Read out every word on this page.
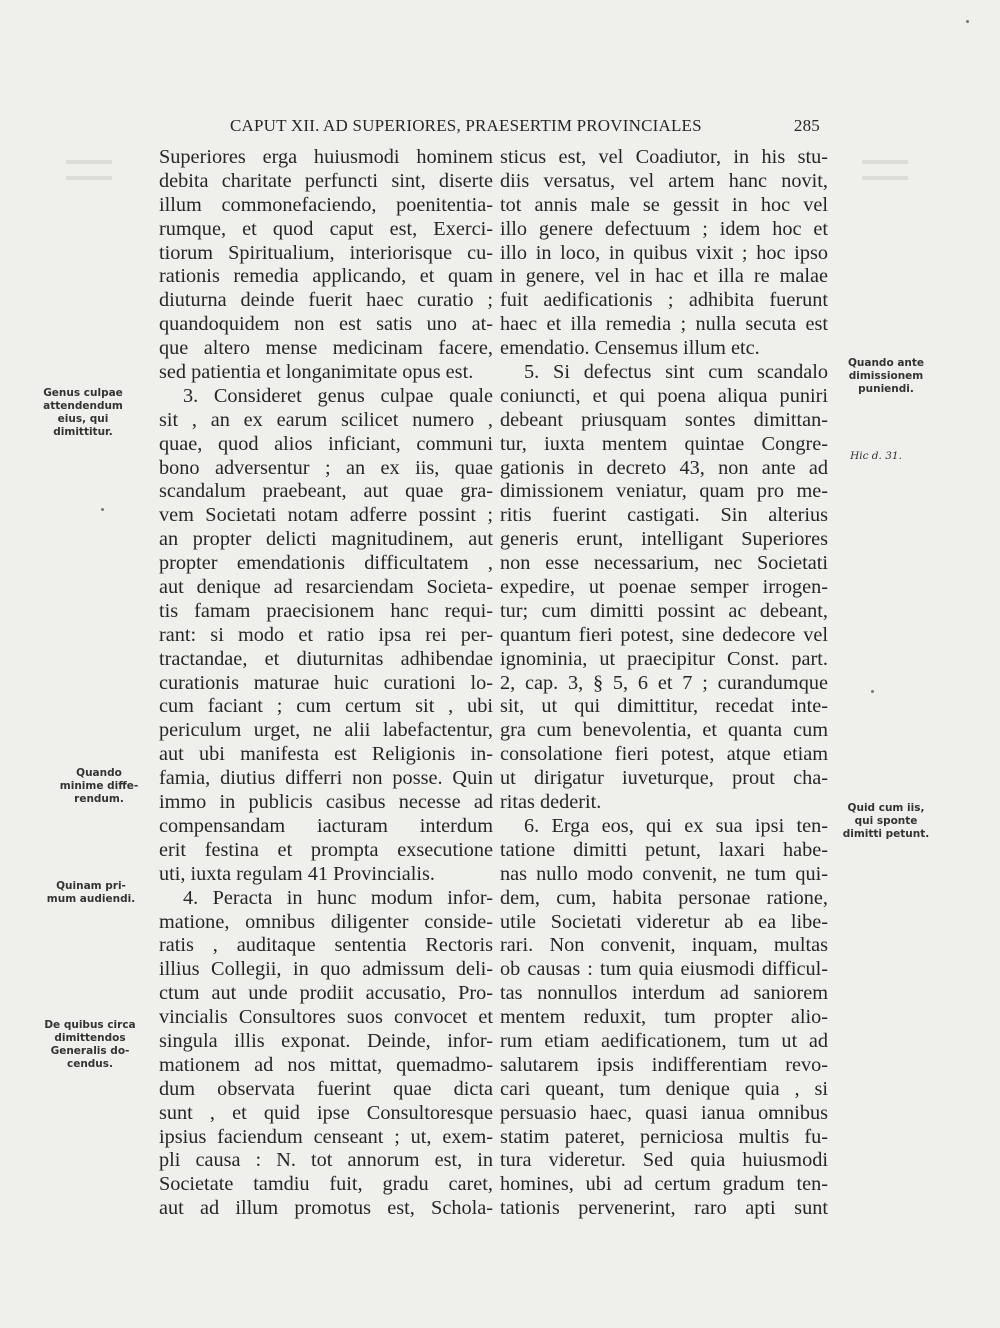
CAPUT XII. AD SUPERIORES, PRAESERTIM PROVINCIALES	285
Superiores erga huiusmodi hominem
debita charitate perfuncti sint, diserte
illum commonefaciendo, poenitentia-
rumque, et quod caput est, Exerci-
tiorum Spiritualium, interiorisque cu-
rationis remedia applicando, et quam
diuturna deinde fuerit haec curatio ;
quandoquidem non est satis uno at-
que altero mense medicinam facere,
sed patientia et longanimitate opus est.
3. Consideret genus culpae quale
sit , an ex earum scilicet numero ,
quae, quod alios inficiant, communi
bono adversentur ; an ex iis, quae
scandalum praebeant, aut quae gra-
vem Societati notam adferre possint ;
an propter delicti magnitudinem, aut
propter emendationis difficultatem ,
aut denique ad resarciendam Societa-
tis famam praecisionem hanc requi-
rant: si modo et ratio ipsa rei per-
tractandae, et diuturnitas adhibendae
curationis maturae huic curationi lo-
cum faciant ; cum certum sit , ubi
periculum urget, ne alii labefactentur,
aut ubi manifesta est Religionis in-
famia, diutius differri non posse. Quin
immo in publicis casibus necesse ad
compensandam iacturam interdum
erit festina et prompta exsecutione
uti, iuxta regulam 41 Provincialis.
4. Peracta in hunc modum infor-
matione, omnibus diligenter conside-
ratis , auditaque sententia Rectoris
illius Collegii, in quo admissum deli-
ctum aut unde prodiit accusatio, Pro-
vincialis Consultores suos convocet et
singula illis exponat. Deinde, infor-
mationem ad nos mittat, quemadmo-
dum observata fuerint quae dicta
sunt , et quid ipse Consultoresque
ipsius faciendum censeant ; ut, exem-
pli causa : N. tot annorum est, in
Societate tamdiu fuit, gradu caret,
aut ad illum promotus est, Schola-
sticus est, vel Coadiutor, in his stu-
diis versatus, vel artem hanc novit,
tot annis male se gessit in hoc vel
illo genere defectuum ; idem hoc et
illo in loco, in quibus vixit ; hoc ipso
in genere, vel in hac et illa re malae
fuit aedificationis ; adhibita fuerunt
haec et illa remedia ; nulla secuta est
emendatio. Censemus illum etc.
5. Si defectus sint cum scandalo
coniuncti, et qui poena aliqua puniri
debeant priusquam sontes dimittan-
tur, iuxta mentem quintae Congre-
gationis in decreto 43, non ante ad
dimissionem veniatur, quam pro me-
ritis fuerint castigati. Sin alterius
generis erunt, intelligant Superiores
non esse necessarium, nec Societati
expedire, ut poenae semper irrogen-
tur; cum dimitti possint ac debeant,
quantum fieri potest, sine dedecore vel
ignominia, ut praecipitur Const. part.
2, cap. 3, § 5, 6 et 7 ; curandumque
sit, ut qui dimittitur, recedat inte-
gra cum benevolentia, et quanta cum
consolatione fieri potest, atque etiam
ut dirigatur iuveturque, prout cha-
ritas dederit.
6. Erga eos, qui ex sua ipsi ten-
tatione dimitti petunt, laxari habe-
nas nullo modo convenit, ne tum qui-
dem, cum, habita personae ratione,
utile Societati videretur ab ea libe-
rari. Non convenit, inquam, multas
ob causas : tum quia eiusmodi difficul-
tas nonnullos interdum ad saniorem
mentem reduxit, tum propter alio-
rum etiam aedificationem, tum ut ad
salutarem ipsis indifferentiam revo-
cari queant, tum denique quia , si
persuasio haec, quasi ianua omnibus
statim pateret, perniciosa multis fu-
tura videretur. Sed quia huiusmodi
homines, ubi ad certum gradum ten-
tationis pervenerint, raro apti sunt
Genus culpae
attendendum
eius, qui
dimittitur.
Quando
minime diffe-
rendum.
Quinam pri-
mum audiendi.
De quibus circa
dimittendos
Generalis do-
cendus.
Quando ante
dimissionem
puniendi.
Hic d. 31.
Quid cum iis,
qui sponte
dimitti petunt.
